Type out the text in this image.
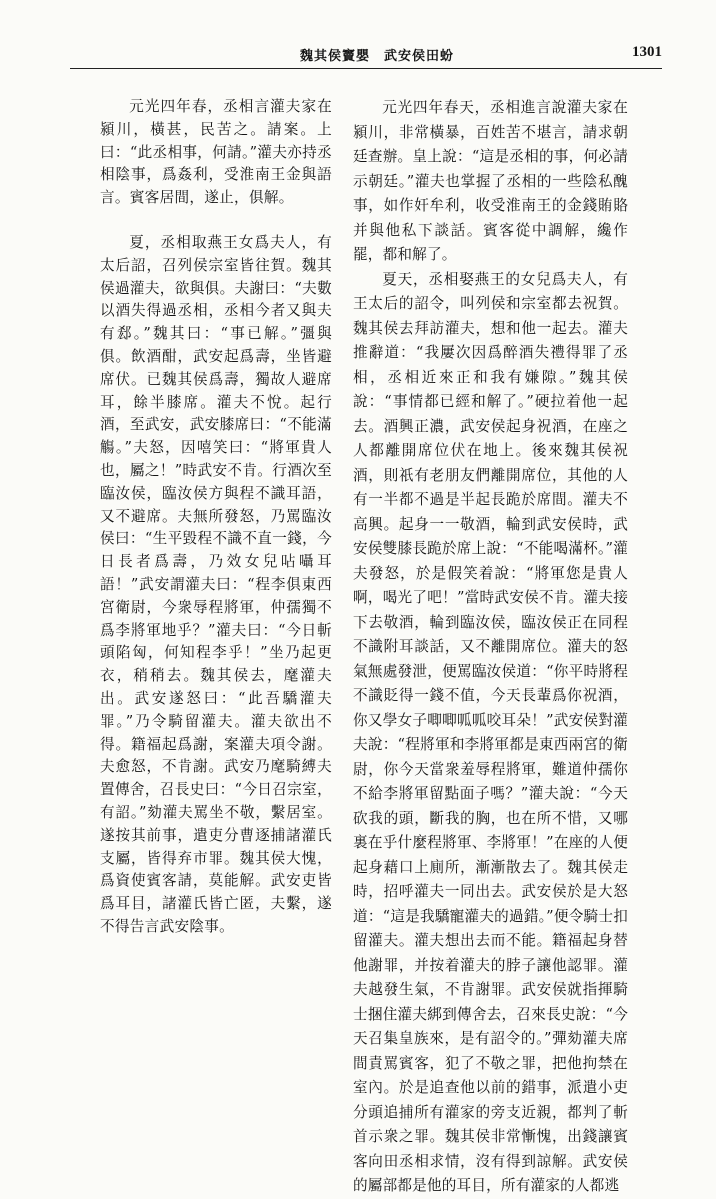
魏其侯竇嬰　武安侯田蚡	1301

元光四年春，丞相言灌夫家在潁川，橫甚，民苦之。請案。上曰：“此丞相事，何請。”灌夫亦持丞相陰事，爲姦利，受淮南王金與語言。賓客居間，遂止，俱解。

夏，丞相取燕王女爲夫人，有太后詔，召列侯宗室皆往賀。魏其侯過灌夫，欲與俱。夫謝曰：“夫數以酒失得過丞相，丞相今者又與夫有郄。”魏其曰：“事已解。”彊與俱。飲酒酣，武安起爲壽，坐皆避席伏。已魏其侯爲壽，獨故人避席耳，餘半膝席。灌夫不悅。起行酒，至武安，武安膝席曰：“不能滿觴。”夫怒，因嘻笑曰：“將軍貴人也，屬之！”時武安不肯。行酒次至臨汝侯，臨汝侯方與程不識耳語，又不避席。夫無所發怒，乃罵臨汝侯曰：“生平毀程不識不直一錢，今日長者爲壽，乃效女兒呫囁耳語！”武安謂灌夫曰：“程李俱東西宮衛尉，今衆辱程將軍，仲孺獨不爲李將軍地乎？”灌夫曰：“今日斬頭陷匈，何知程李乎！”坐乃起更衣，稍稍去。魏其侯去，麾灌夫出。武安遂怒曰：“此吾驕灌夫罪。”乃令騎留灌夫。灌夫欲出不得。籍福起爲謝，案灌夫項令謝。夫愈怒，不肯謝。武安乃麾騎縛夫置傳舍，召長史曰：“今日召宗室，有詔。”劾灌夫罵坐不敬，繫居室。遂按其前事，遣吏分曹逐捕諸灌氏支屬，皆得弃市罪。魏其侯大愧，爲資使賓客請，莫能解。武安吏皆爲耳目，諸灌氏皆亡匿，夫繫，遂不得告言武安陰事。

元光四年春天，丞相進言說灌夫家在潁川，非常橫暴，百姓苦不堪言，請求朝廷查辦。皇上說：“這是丞相的事，何必請示朝廷。”灌夫也掌握了丞相的一些陰私醜事，如作奸牟利，收受淮南王的金錢賄賂并與他私下談話。賓客從中調解，纔作罷，都和解了。

夏天，丞相娶燕王的女兒爲夫人，有王太后的詔令，叫列侯和宗室都去祝賀。魏其侯去拜訪灌夫，想和他一起去。灌夫推辭道：“我屢次因爲醉酒失禮得罪了丞相，丞相近來正和我有嫌隙。”魏其侯說：“事情都已經和解了。”硬拉着他一起去。酒興正濃，武安侯起身祝酒，在座之人都離開席位伏在地上。後來魏其侯祝酒，則祇有老朋友們離開席位，其他的人有一半都不過是半起長跪於席間。灌夫不高興。起身一一敬酒，輪到武安侯時，武安侯雙膝長跪於席上說：“不能喝滿杯。”灌夫發怒，於是假笑着說：“將軍您是貴人啊，喝光了吧！”當時武安侯不肯。灌夫接下去敬酒，輪到臨汝侯，臨汝侯正在同程不識附耳談話，又不離開席位。灌夫的怒氣無處發泄，便罵臨汝侯道：“你平時將程不識貶得一錢不值，今天長輩爲你祝酒，你又學女子唧唧呱呱咬耳朵！”武安侯對灌夫說：“程將軍和李將軍都是東西兩宮的衛尉，你今天當衆羞辱程將軍，難道仲孺你不給李將軍留點面子嗎？”灌夫說：“今天砍我的頭，斷我的胸，也在所不惜，又哪裏在乎什麼程將軍、李將軍！”在座的人便起身藉口上廁所，漸漸散去了。魏其侯走時，招呼灌夫一同出去。武安侯於是大怒道：“這是我驕寵灌夫的過錯。”便令騎士扣留灌夫。灌夫想出去而不能。籍福起身替他謝罪，并按着灌夫的脖子讓他認罪。灌夫越發生氣，不肯謝罪。武安侯就指揮騎士捆住灌夫綁到傳舍去，召來長史說：“今天召集皇族來，是有詔令的。”彈劾灌夫席間責罵賓客，犯了不敬之罪，把他拘禁在室內。於是追查他以前的錯事，派遣小吏分頭追捕所有灌家的旁支近親，都判了斬首示衆之罪。魏其侯非常慚愧，出錢讓賓客向田丞相求情，沒有得到諒解。武安侯的屬部都是他的耳目，所有灌家的人都逃
